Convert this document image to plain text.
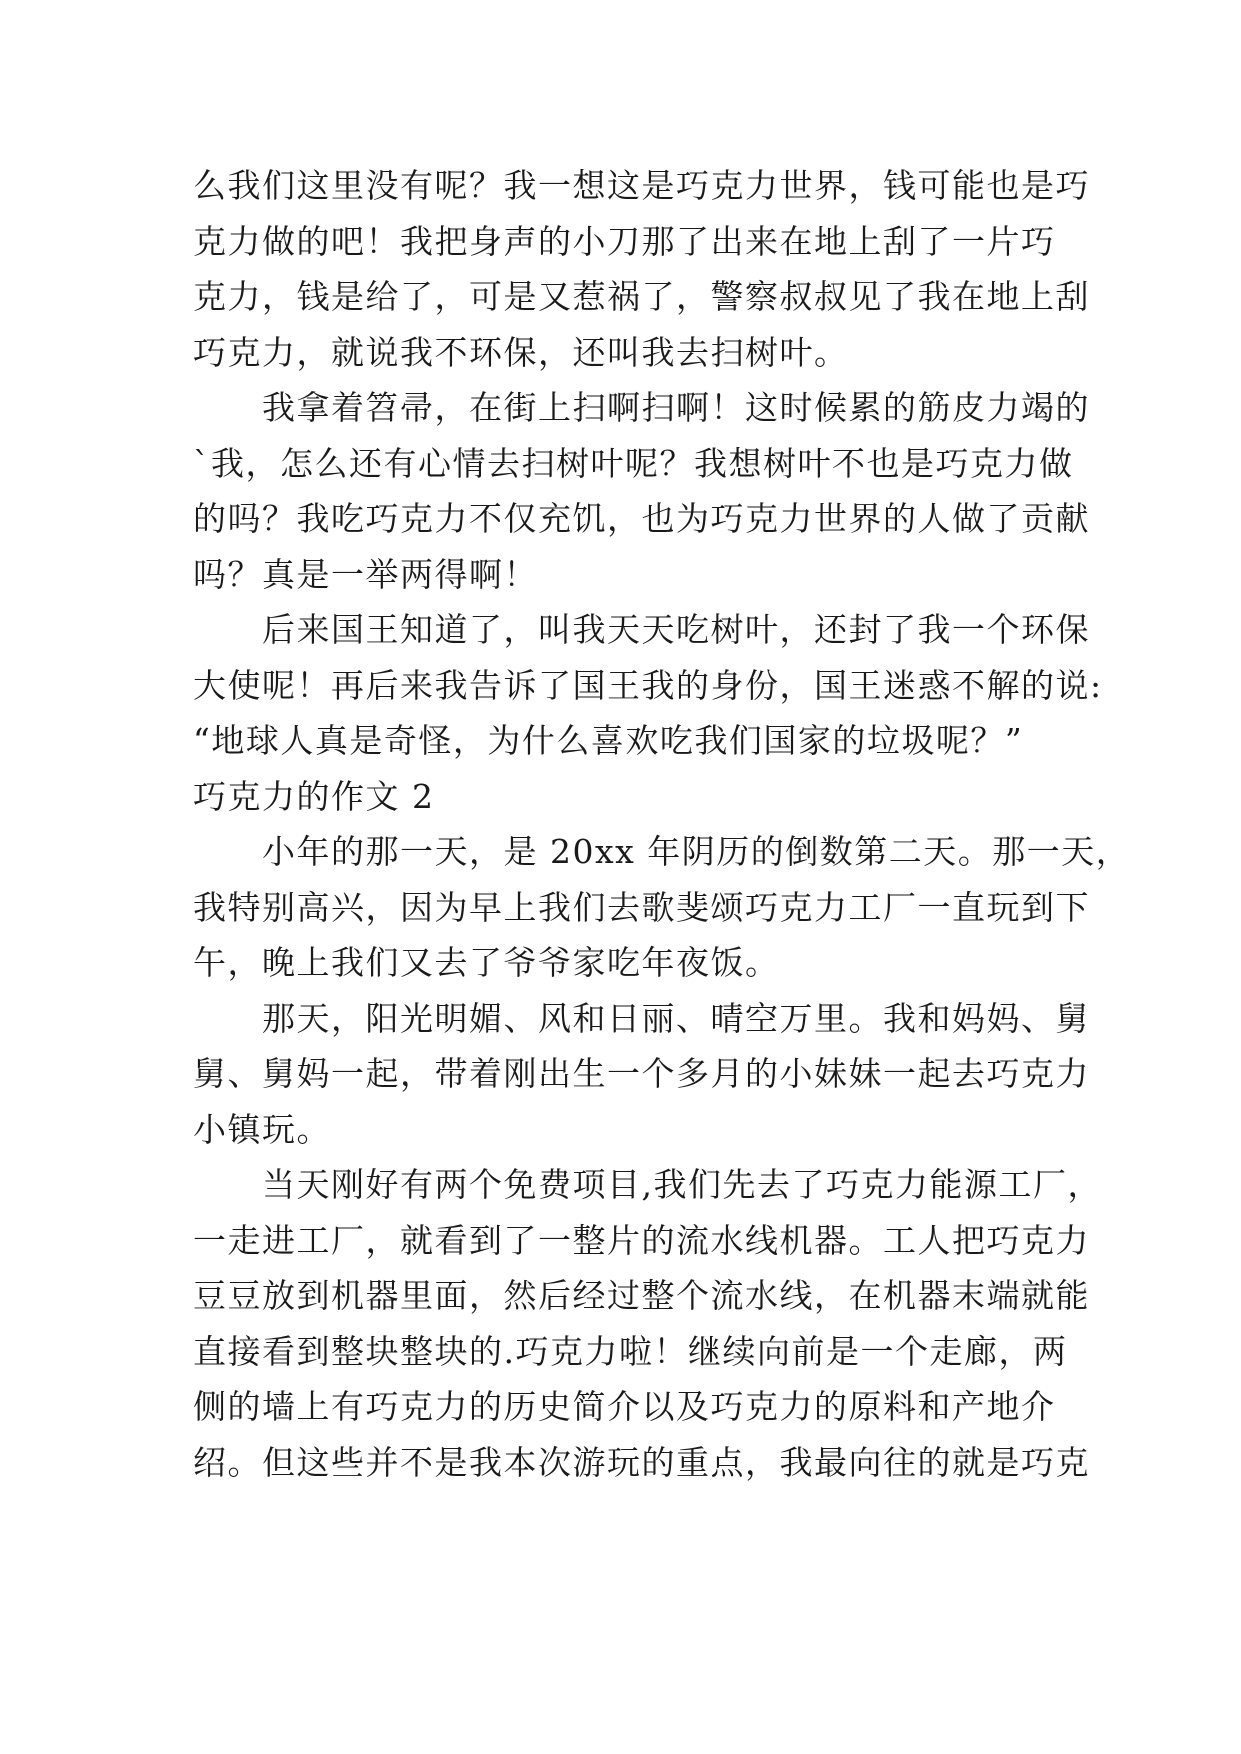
么我们这里没有呢？我一想这是巧克力世界，钱可能也是巧
克力做的吧！我把身声的小刀那了出来在地上刮了一片巧
克力，钱是给了，可是又惹祸了，警察叔叔见了我在地上刮
巧克力，就说我不环保，还叫我去扫树叶。
　　我拿着笤帚，在街上扫啊扫啊！这时候累的筋皮力竭的
`我，怎么还有心情去扫树叶呢？我想树叶不也是巧克力做
的吗？我吃巧克力不仅充饥，也为巧克力世界的人做了贡献
吗？真是一举两得啊！
　　后来国王知道了，叫我天天吃树叶，还封了我一个环保
大使呢！再后来我告诉了国王我的身份，国王迷惑不解的说:
“地球人真是奇怪，为什么喜欢吃我们国家的垃圾呢？”
巧克力的作文 2
　　小年的那一天，是 20xx 年阴历的倒数第二天。那一天，
我特别高兴，因为早上我们去歌斐颂巧克力工厂一直玩到下
午，晚上我们又去了爷爷家吃年夜饭。
　　那天，阳光明媚、风和日丽、晴空万里。我和妈妈、舅
舅、舅妈一起，带着刚出生一个多月的小妹妹一起去巧克力
小镇玩。
　　当天刚好有两个免费项目,我们先去了巧克力能源工厂，
一走进工厂，就看到了一整片的流水线机器。工人把巧克力
豆豆放到机器里面，然后经过整个流水线，在机器末端就能
直接看到整块整块的.巧克力啦！继续向前是一个走廊，两
侧的墙上有巧克力的历史简介以及巧克力的原料和产地介
绍。但这些并不是我本次游玩的重点，我最向往的就是巧克
